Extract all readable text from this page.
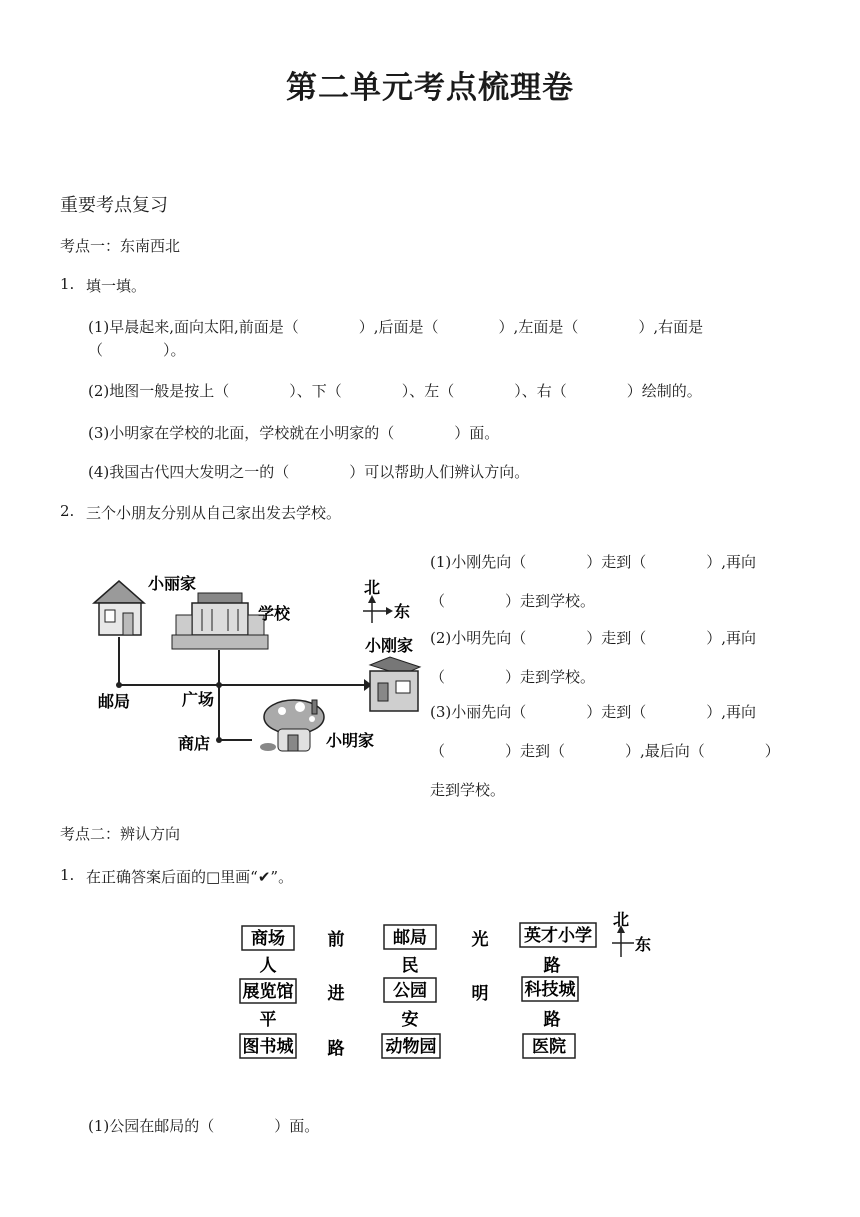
第二单元考点梳理卷
重要考点复习
考点一：东南西北
1. 填一填。
(1)早晨起来,面向太阳,前面是（　　　　）,后面是（　　　　）,左面是（　　　　）,右面是
（　　　　）。
(2)地图一般是按上（　　　　）、下（　　　　）、左（　　　　）、右（　　　　）绘制的。
(3)小明家在学校的北面，学校就在小明家的（　　　　）面。
(4)我国古代四大发明之一的（　　　　）可以帮助人们辨认方向。
2. 三个小朋友分别从自己家出发去学校。
小丽家
学校
北
东
小刚家
邮局	广场
商店	小明家
(1)小刚先向（　　　　）走到（　　　　）,再向
（　　　　）走到学校。
(2)小明先向（　　　　）走到（　　　　）,再向
（　　　　）走到学校。
(3)小丽先向（　　　　）走到（　　　　）,再向
（　　　　）走到（　　　　）,最后向（　　　　）
走到学校。
考点二：辨认方向
1. 在正确答案后面的□里画“✔”。
商场	前	邮局	光 英才小学
人	民	路
展览馆 进	公园	明 科技城
平	安	路
图书城 路 动物园	医院
北
东
(1)公园在邮局的（　　　　）面。
